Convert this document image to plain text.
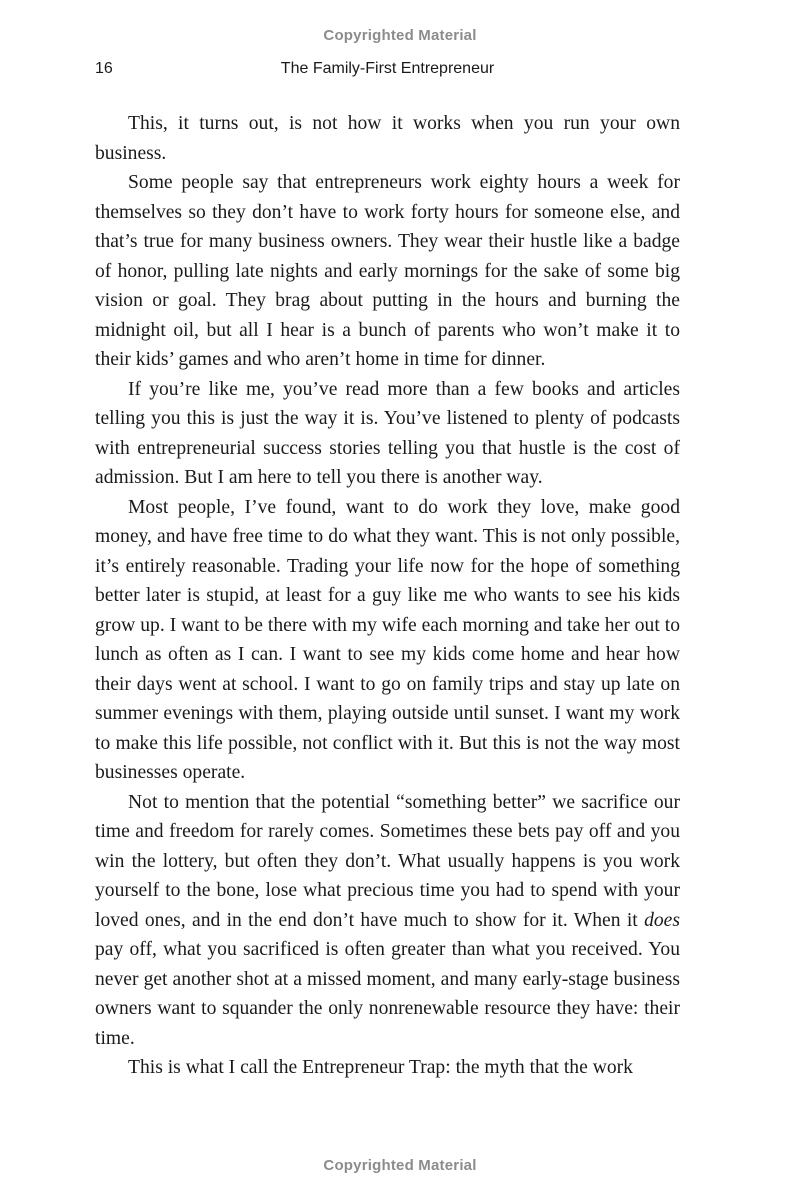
Copyrighted Material
16	The Family-First Entrepreneur

This, it turns out, is not how it works when you run your own business.

Some people say that entrepreneurs work eighty hours a week for themselves so they don’t have to work forty hours for someone else, and that’s true for many business owners. They wear their hustle like a badge of honor, pulling late nights and early mornings for the sake of some big vision or goal. They brag about putting in the hours and burning the midnight oil, but all I hear is a bunch of parents who won’t make it to their kids’ games and who aren’t home in time for dinner.

If you’re like me, you’ve read more than a few books and articles telling you this is just the way it is. You’ve listened to plenty of podcasts with entrepreneurial success stories telling you that hustle is the cost of admission. But I am here to tell you there is another way.

Most people, I’ve found, want to do work they love, make good money, and have free time to do what they want. This is not only possible, it’s entirely reasonable. Trading your life now for the hope of something better later is stupid, at least for a guy like me who wants to see his kids grow up. I want to be there with my wife each morning and take her out to lunch as often as I can. I want to see my kids come home and hear how their days went at school. I want to go on family trips and stay up late on summer evenings with them, playing outside until sunset. I want my work to make this life possible, not conflict with it. But this is not the way most businesses operate.

Not to mention that the potential “something better” we sacrifice our time and freedom for rarely comes. Sometimes these bets pay off and you win the lottery, but often they don’t. What usually happens is you work yourself to the bone, lose what precious time you had to spend with your loved ones, and in the end don’t have much to show for it. When it does pay off, what you sacrificed is often greater than what you received. You never get another shot at a missed moment, and many early-stage business owners want to squander the only nonrenewable resource they have: their time.

This is what I call the Entrepreneur Trap: the myth that the work

Copyrighted Material
